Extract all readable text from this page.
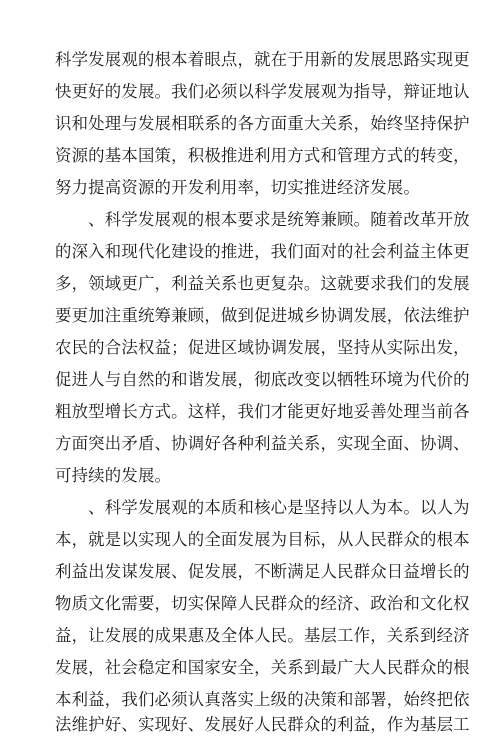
科学发展观的根本着眼点，就在于用新的发展思路实现更
快更好的发展。我们必须以科学发展观为指导，辩证地认
识和处理与发展相联系的各方面重大关系，始终坚持保护
资源的基本国策，积极推进利用方式和管理方式的转变，
努力提高资源的开发利用率，切实推进经济发展。
　　、科学发展观的根本要求是统筹兼顾。随着改革开放
的深入和现代化建设的推进，我们面对的社会利益主体更
多，领域更广，利益关系也更复杂。这就要求我们的发展
要更加注重统筹兼顾，做到促进城乡协调发展，依法维护
农民的合法权益；促进区域协调发展，坚持从实际出发，
促进人与自然的和谐发展，彻底改变以牺牲环境为代价的
粗放型增长方式。这样，我们才能更好地妥善处理当前各
方面突出矛盾、协调好各种利益关系，实现全面、协调、
可持续的发展。
　　、科学发展观的本质和核心是坚持以人为本。以人为
本，就是以实现人的全面发展为目标，从人民群众的根本
利益出发谋发展、促发展，不断满足人民群众日益增长的
物质文化需要，切实保障人民群众的经济、政治和文化权
益，让发展的成果惠及全体人民。基层工作，关系到经济
发展，社会稳定和国家安全，关系到最广大人民群众的根
本利益，我们必须认真落实上级的决策和部署，始终把依
法维护好、实现好、发展好人民群众的利益，作为基层工
